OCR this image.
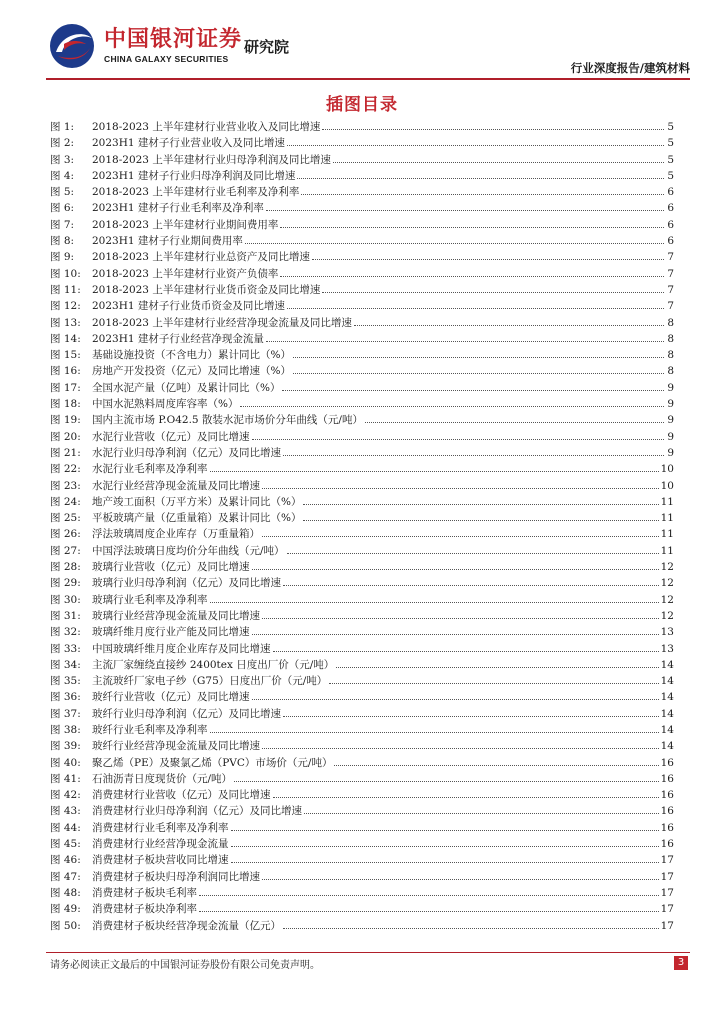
中国银河证券
CHINA GALAXY SECURITIES
研究院
行业深度报告/建筑材料
插图目录
图 1:	2018-2023 上半年建材行业营业收入及同比增速	5
图 2:	2023H1 建材子行业营业收入及同比增速	5
图 3:	2018-2023 上半年建材行业归母净利润及同比增速	5
图 4:	2023H1 建材子行业归母净利润及同比增速	5
图 5:	2018-2023 上半年建材行业毛利率及净利率	6
图 6:	2023H1 建材子行业毛利率及净利率	6
图 7:	2018-2023 上半年建材行业期间费用率	6
图 8:	2023H1 建材子行业期间费用率	6
图 9:	2018-2023 上半年建材行业总资产及同比增速	7
图 10:	2018-2023 上半年建材行业资产负债率	7
图 11:	2018-2023 上半年建材行业货币资金及同比增速	7
图 12:	2023H1 建材子行业货币资金及同比增速	7
图 13:	2018-2023 上半年建材行业经营净现金流量及同比增速	8
图 14:	2023H1 建材子行业经营净现金流量	8
图 15:	基础设施投资（不含电力）累计同比（%）	8
图 16:	房地产开发投资（亿元）及同比增速（%）	8
图 17:	全国水泥产量（亿吨）及累计同比（%）	9
图 18:	中国水泥熟料周度库容率（%）	9
图 19:	国内主流市场 P.O42.5 散装水泥市场价分年曲线（元/吨）	9
图 20:	水泥行业营收（亿元）及同比增速	9
图 21:	水泥行业归母净利润（亿元）及同比增速	9
图 22:	水泥行业毛利率及净利率	10
图 23:	水泥行业经营净现金流量及同比增速	10
图 24:	地产竣工面积（万平方米）及累计同比（%）	11
图 25:	平板玻璃产量（亿重量箱）及累计同比（%）	11
图 26:	浮法玻璃周度企业库存（万重量箱）	11
图 27:	中国浮法玻璃日度均价分年曲线（元/吨）	11
图 28:	玻璃行业营收（亿元）及同比增速	12
图 29:	玻璃行业归母净利润（亿元）及同比增速	12
图 30:	玻璃行业毛利率及净利率	12
图 31:	玻璃行业经营净现金流量及同比增速	12
图 32:	玻璃纤维月度行业产能及同比增速	13
图 33:	中国玻璃纤维月度企业库存及同比增速	13
图 34:	主流厂家缠绕直接纱 2400tex 日度出厂价（元/吨）	14
图 35:	主流玻纤厂家电子纱（G75）日度出厂价（元/吨）	14
图 36:	玻纤行业营收（亿元）及同比增速	14
图 37:	玻纤行业归母净利润（亿元）及同比增速	14
图 38:	玻纤行业毛利率及净利率	14
图 39:	玻纤行业经营净现金流量及同比增速	14
图 40:	聚乙烯（PE）及聚氯乙烯（PVC）市场价（元/吨）	16
图 41:	石油沥青日度现货价（元/吨）	16
图 42:	消费建材行业营收（亿元）及同比增速	16
图 43:	消费建材行业归母净利润（亿元）及同比增速	16
图 44:	消费建材行业毛利率及净利率	16
图 45:	消费建材行业经营净现金流量	16
图 46:	消费建材子板块营收同比增速	17
图 47:	消费建材子板块归母净利润同比增速	17
图 48:	消费建材子板块毛利率	17
图 49:	消费建材子板块净利率	17
图 50:	消费建材子板块经营净现金流量（亿元）	17
请务必阅读正文最后的中国银河证券股份有限公司免责声明。	3
